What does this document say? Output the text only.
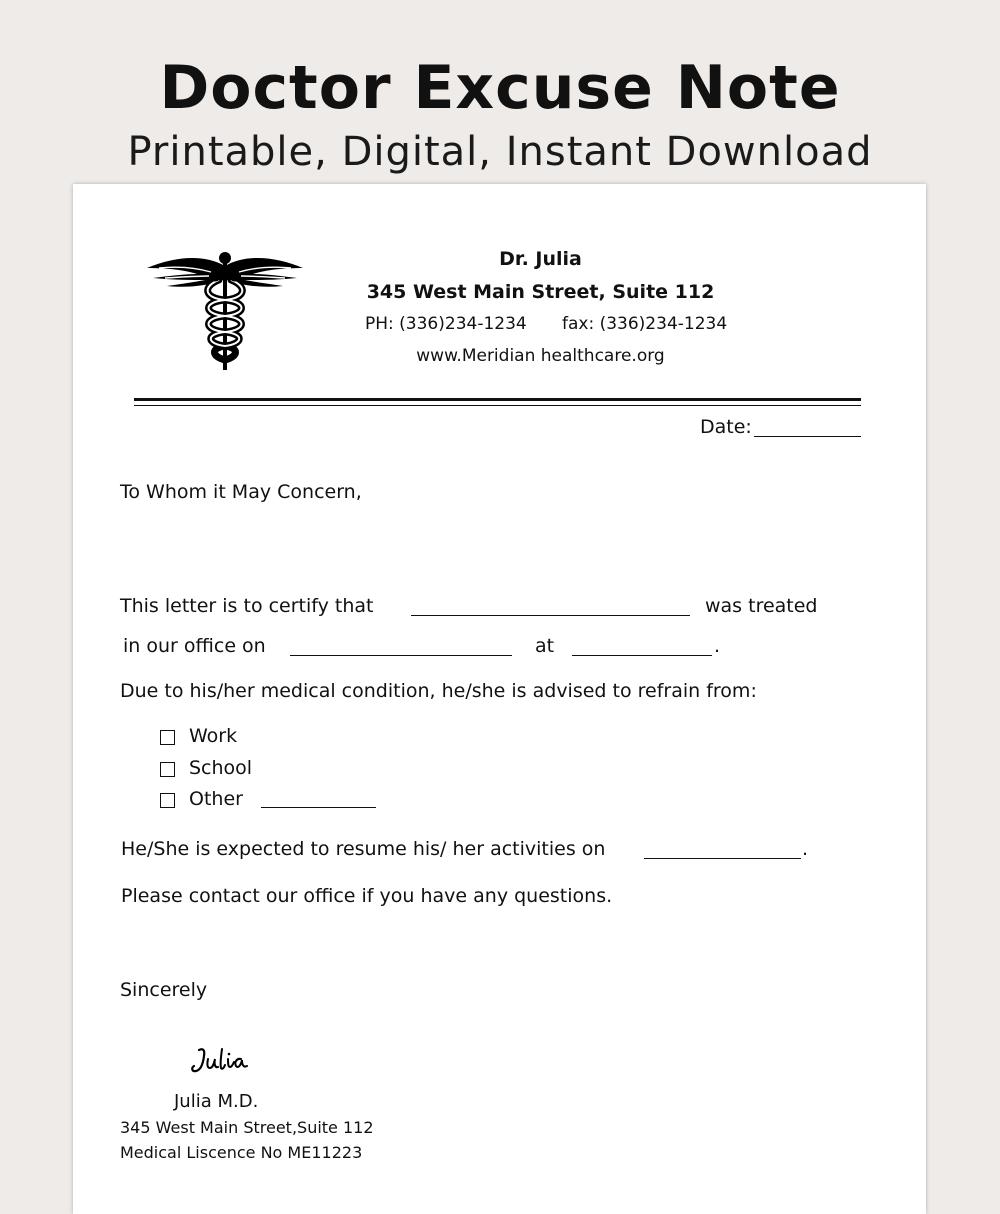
Doctor Excuse Note
Printable, Digital, Instant Download
Dr. Julia
345 West Main Street, Suite 112
PH: (336)234-1234 fax: (336)234-1234
www.Meridian healthcare.org
Date:
To Whom it May Concern,
This letter is to certify that	was treated
in our office on	at	.
Due to his/her medical condition, he/she is advised to refrain from:
Work
School
Other
He/She is expected to resume his/ her activities on	.
Please contact our office if you have any questions.
Sincerely
Julia M.D.
345 West Main Street,Suite 112
Medical Liscence No ME11223
